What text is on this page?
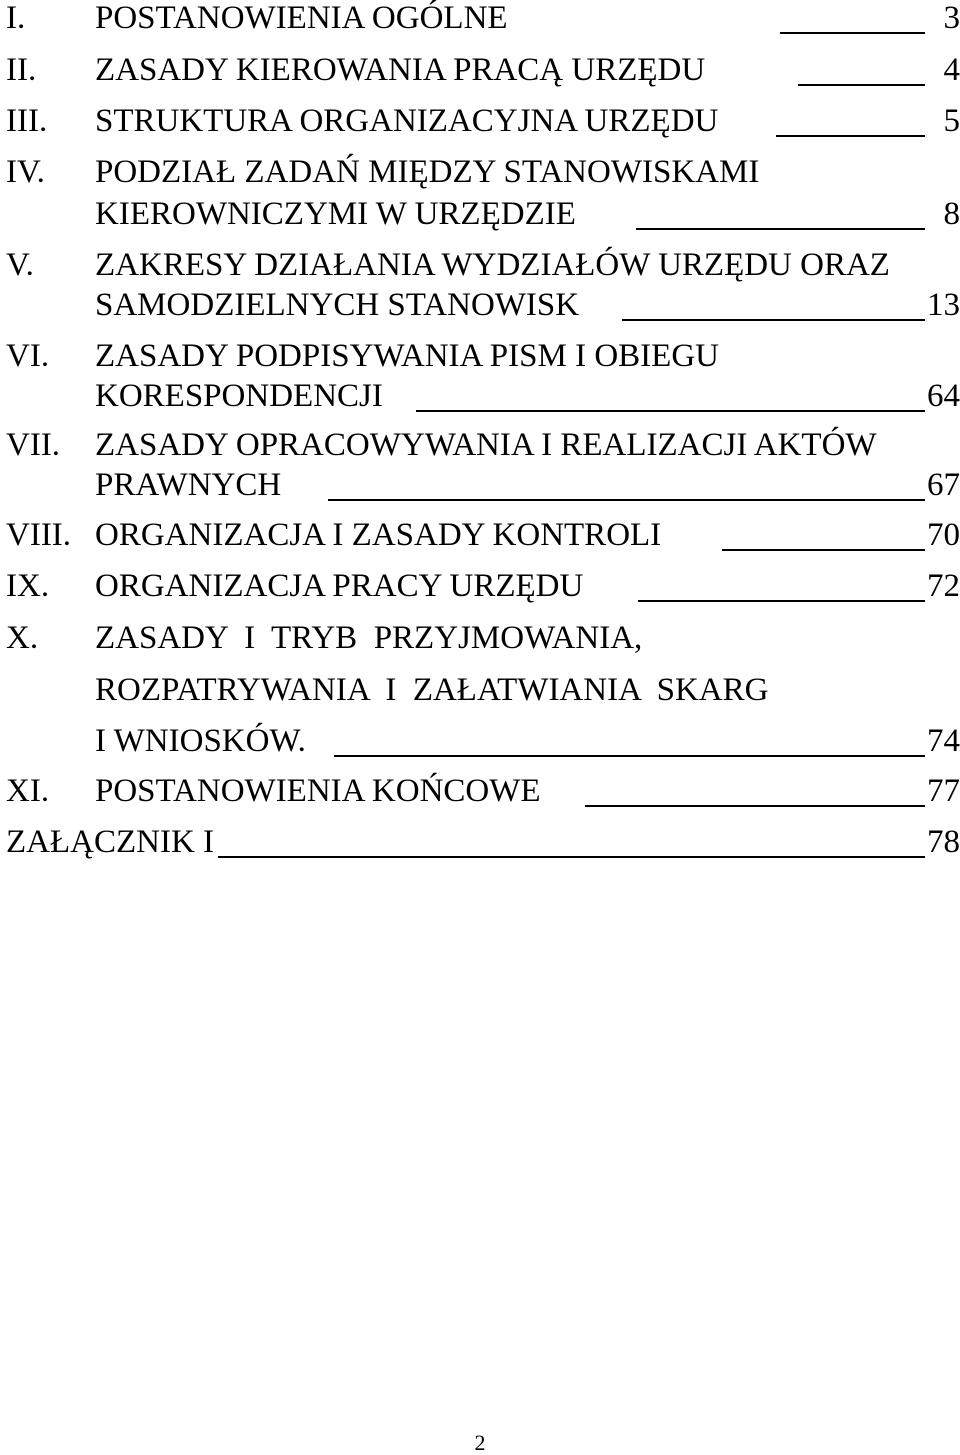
I. POSTANOWIENIA OGÓLNE	3
II. ZASADY KIEROWANIA PRACĄ URZĘDU	4
III. STRUKTURA ORGANIZACYJNA URZĘDU	5
IV. PODZIAŁ ZADAŃ MIĘDZY STANOWISKAMI
KIEROWNICZYMI W URZĘDZIE	8
V. ZAKRESY DZIAŁANIA WYDZIAŁÓW URZĘDU ORAZ
SAMODZIELNYCH STANOWISK	13
VI. ZASADY PODPISYWANIA PISM I OBIEGU
KORESPONDENCJI	64
VII. ZASADY OPRACOWYWANIA I REALIZACJI AKTÓW
PRAWNYCH	67
VIII. ORGANIZACJA I ZASADY KONTROLI	70
IX. ORGANIZACJA PRACY URZĘDU	72
X. ZASADY  I  TRYB  PRZYJMOWANIA,
ROZPATRYWANIA  I  ZAŁATWIANIA  SKARG
I WNIOSKÓW.	74
XI. POSTANOWIENIA KOŃCOWE	77
ZAŁĄCZNIK I	78
2
